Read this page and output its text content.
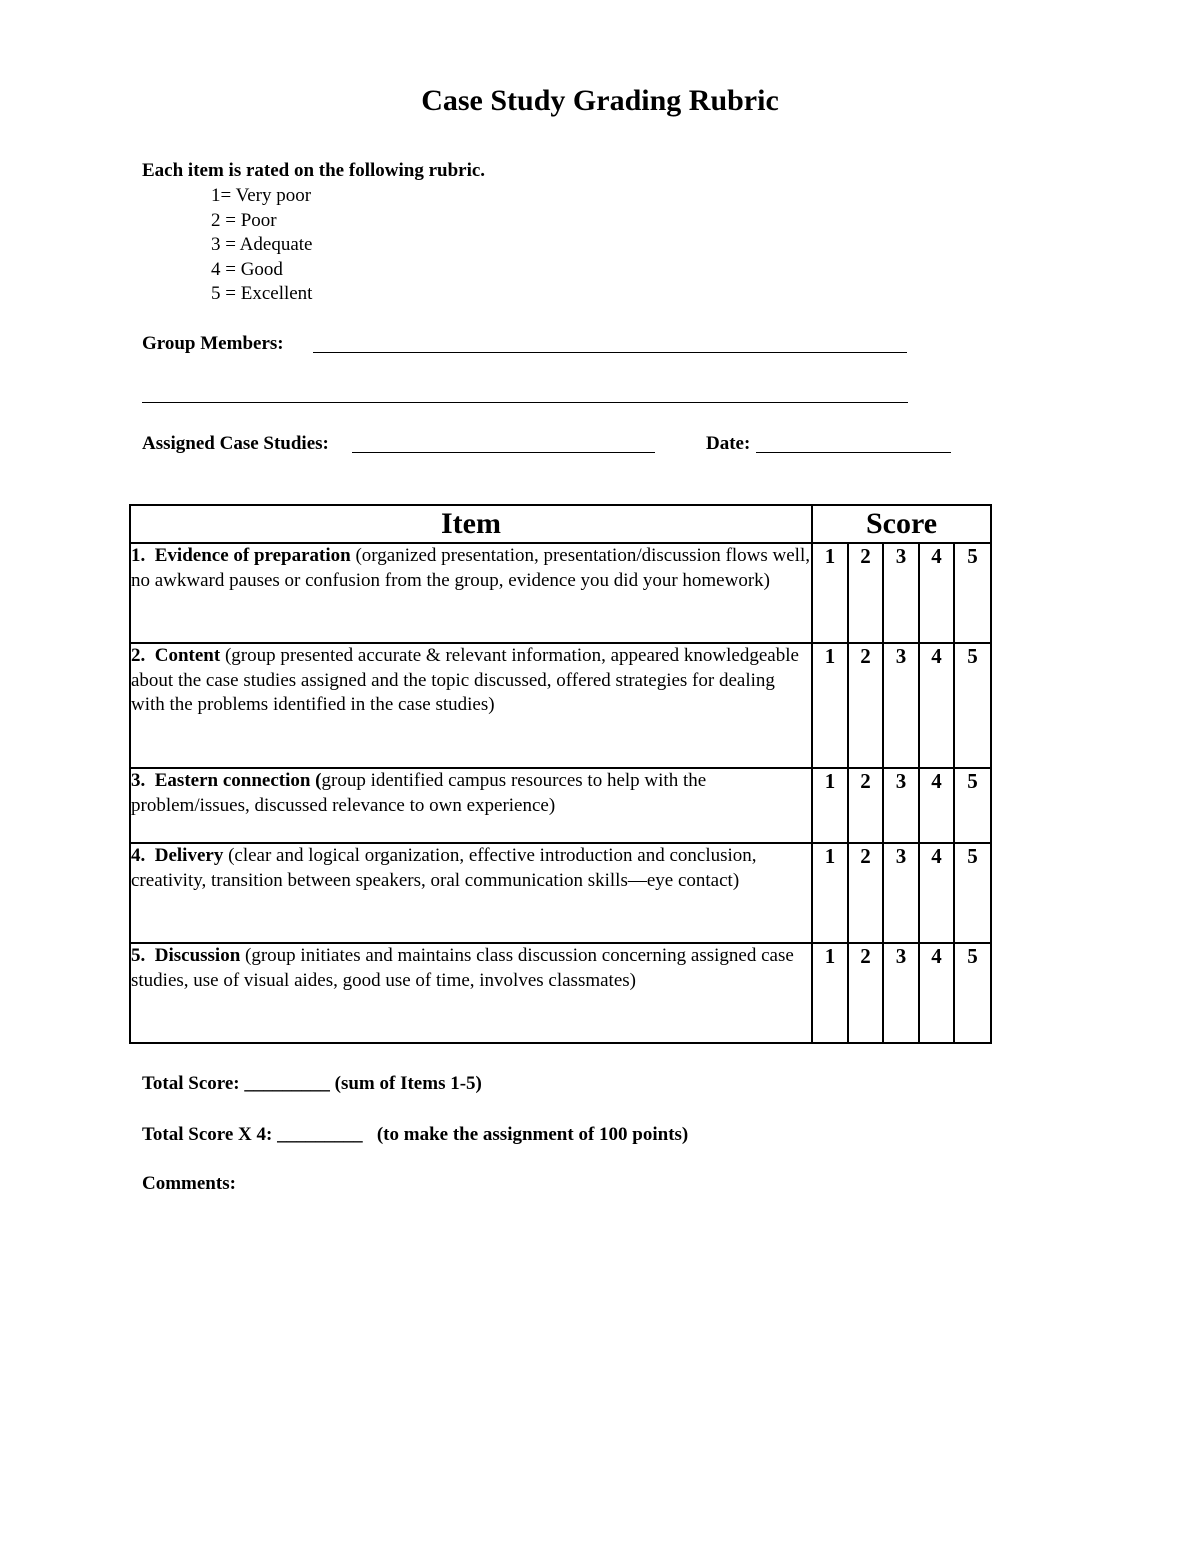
Case Study Grading Rubric
Each item is rated on the following rubric.
1= Very poor
2 = Poor
3 = Adequate
4 = Good
5 = Excellent
Group Members:
Assigned Case Studies:	Date:
Item	Score				
1. Evidence of preparation (organized presentation, presentation/discussion flows well, no awkward pauses or confusion from the group, evidence you did your homework)	1	2	3	4	5
2. Content (group presented accurate & relevant information, appeared knowledgeable about the case studies assigned and the topic discussed, offered strategies for dealing with the problems identified in the case studies)	1	2	3	4	5
3. Eastern connection (group identified campus resources to help with the problem/issues, discussed relevance to own experience)	1	2	3	4	5
4. Delivery (clear and logical organization, effective introduction and conclusion, creativity, transition between speakers, oral communication skills—eye contact)	1	2	3	4	5
5. Discussion (group initiates and maintains class discussion concerning assigned case studies, use of visual aides, good use of time, involves classmates)	1	2	3	4	5
Total Score: _________ (sum of Items 1-5)
Total Score X 4: _________ (to make the assignment of 100 points)
Comments:
